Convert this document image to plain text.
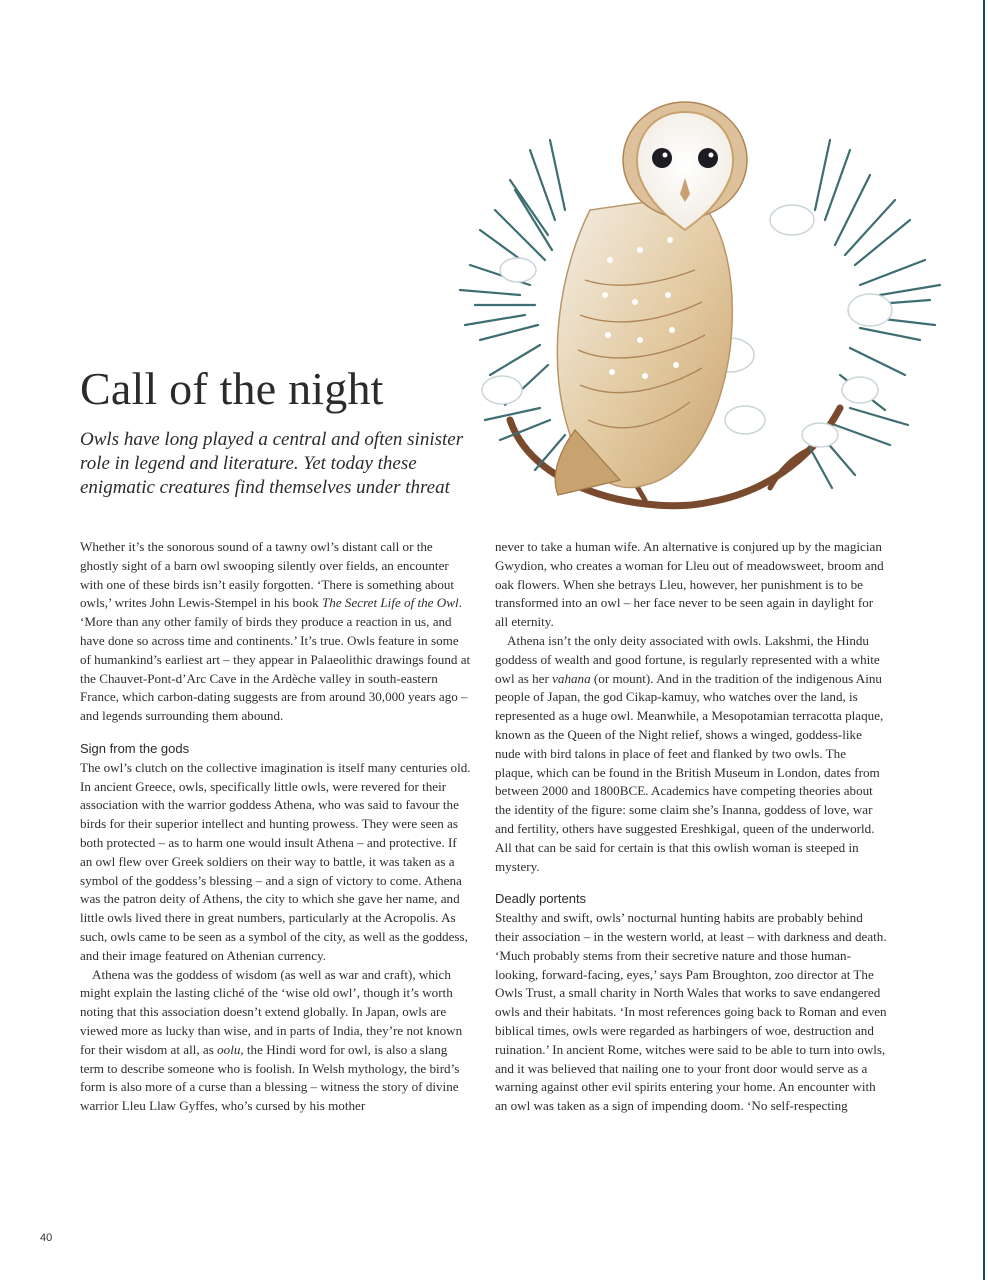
Call of the night

Owls have long played a central and often sinister role in legend and literature. Yet today these enigmatic creatures find themselves under threat

Whether it’s the sonorous sound of a tawny owl’s distant call or the ghostly sight of a barn owl swooping silently over fields, an encounter with one of these birds isn’t easily forgotten. ‘There is something about owls,’ writes John Lewis-Stempel in his book The Secret Life of the Owl. ‘More than any other family of birds they produce a reaction in us, and have done so across time and continents.’ It’s true. Owls feature in some of humankind’s earliest art – they appear in Palaeolithic drawings found at the Chauvet-Pont-d’Arc Cave in the Ardèche valley in south-eastern France, which carbon-dating suggests are from around 30,000 years ago – and legends surrounding them abound.

Sign from the gods

The owl’s clutch on the collective imagination is itself many centuries old. In ancient Greece, owls, specifically little owls, were revered for their association with the warrior goddess Athena, who was said to favour the birds for their superior intellect and hunting prowess. They were seen as both protected – as to harm one would insult Athena – and protective. If an owl flew over Greek soldiers on their way to battle, it was taken as a symbol of the goddess’s blessing – and a sign of victory to come. Athena was the patron deity of Athens, the city to which she gave her name, and little owls lived there in great numbers, particularly at the Acropolis. As such, owls came to be seen as a symbol of the city, as well as the goddess, and their image featured on Athenian currency.

Athena was the goddess of wisdom (as well as war and craft), which might explain the lasting cliché of the ‘wise old owl’, though it’s worth noting that this association doesn’t extend globally. In Japan, owls are viewed more as lucky than wise, and in parts of India, they’re not known for their wisdom at all, as oolu, the Hindi word for owl, is also a slang term to describe someone who is foolish. In Welsh mythology, the bird’s form is also more of a curse than a blessing – witness the story of divine warrior Lleu Llaw Gyffes, who’s cursed by his mother

never to take a human wife. An alternative is conjured up by the magician Gwydion, who creates a woman for Lleu out of meadowsweet, broom and oak flowers. When she betrays Lleu, however, her punishment is to be transformed into an owl – her face never to be seen again in daylight for all eternity.

Athena isn’t the only deity associated with owls. Lakshmi, the Hindu goddess of wealth and good fortune, is regularly represented with a white owl as her vahana (or mount). And in the tradition of the indigenous Ainu people of Japan, the god Cikap-kamuy, who watches over the land, is represented as a huge owl. Meanwhile, a Mesopotamian terracotta plaque, known as the Queen of the Night relief, shows a winged, goddess-like nude with bird talons in place of feet and flanked by two owls. The plaque, which can be found in the British Museum in London, dates from between 2000 and 1800BCE. Academics have competing theories about the identity of the figure: some claim she’s Inanna, goddess of love, war and fertility, others have suggested Ereshkigal, queen of the underworld. All that can be said for certain is that this owlish woman is steeped in mystery.

Deadly portents

Stealthy and swift, owls’ nocturnal hunting habits are probably behind their association – in the western world, at least – with darkness and death. ‘Much probably stems from their secretive nature and those human-looking, forward-facing, eyes,’ says Pam Broughton, zoo director at The Owls Trust, a small charity in North Wales that works to save endangered owls and their habitats. ‘In most references going back to Roman and even biblical times, owls were regarded as harbingers of woe, destruction and ruination.’ In ancient Rome, witches were said to be able to turn into owls, and it was believed that nailing one to your front door would serve as a warning against other evil spirits entering your home. An encounter with an owl was taken as a sign of impending doom. ‘No self-respecting

40
